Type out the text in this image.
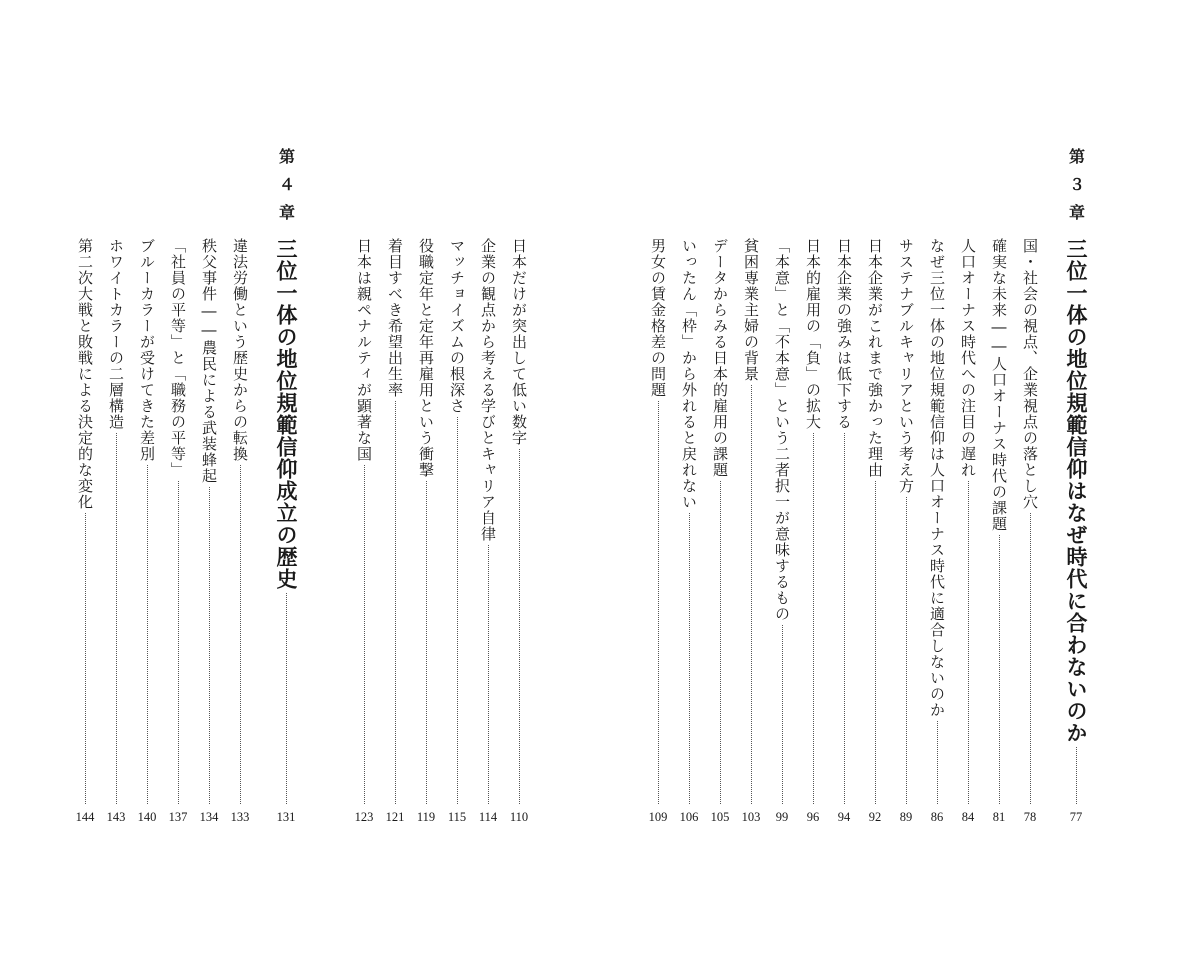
第
３
章
三位一体の地位規範信仰はなぜ時代に合わないのか
77
国・社会の視点、企業視点の落とし穴
78
確実な未来――人口オーナス時代の課題
81
人口オーナス時代への注目の遅れ
84
なぜ三位一体の地位規範信仰は人口オーナス時代に適合しないのか
86
サステナブルキャリアという考え方
89
日本企業がこれまで強かった理由
92
日本企業の強みは低下する
94
日本的雇用の「負」の拡大
96
「本意」と「不本意」という二者択一が意味するもの
99
貧困専業主婦の背景
103
データからみる日本的雇用の課題
105
いったん「枠」から外れると戻れない
106
男女の賃金格差の問題
109
日本だけが突出して低い数字
110
企業の観点から考える学びとキャリア自律
114
マッチョイズムの根深さ
115
役職定年と定年再雇用という衝撃
119
着目すべき希望出生率
121
日本は親ペナルティが顕著な国
123
第
４
章
三位一体の地位規範信仰成立の歴史
131
違法労働という歴史からの転換
133
秩父事件――農民による武装蜂起
134
「社員の平等」と「職務の平等」
137
ブルーカラーが受けてきた差別
140
ホワイトカラーの二層構造
143
第二次大戦と敗戦による決定的な変化
144
